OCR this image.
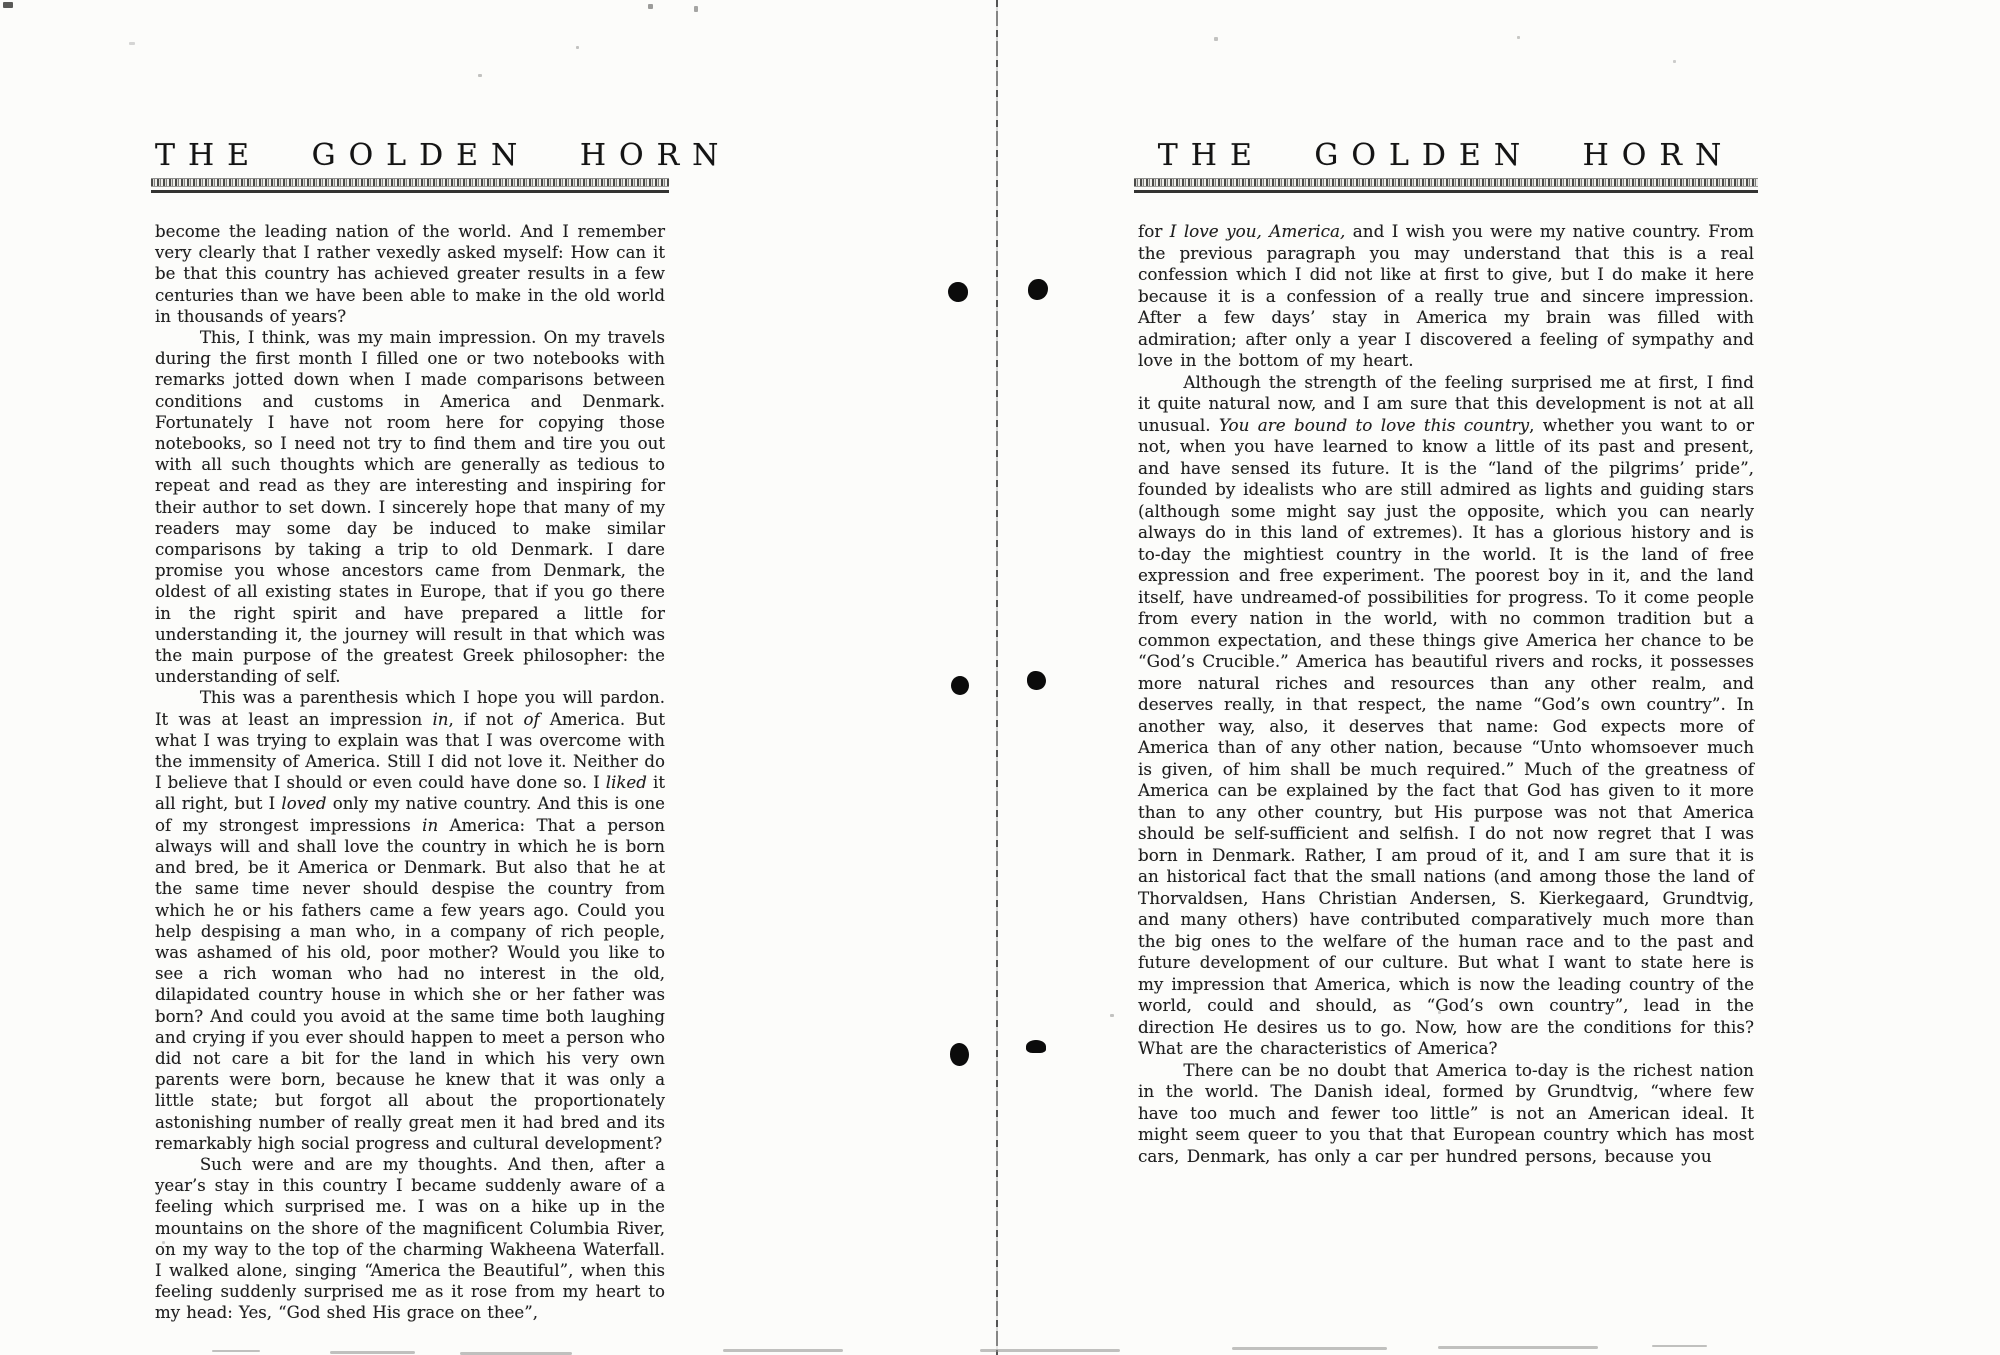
THE GOLDEN HORN

become the leading nation of the world. And I remember very clearly that I rather vexedly asked myself: How can it be that this country has achieved greater results in a few centuries than we have been able to make in the old world in thousands of years?

This, I think, was my main impression. On my travels during the first month I filled one or two notebooks with remarks jotted down when I made comparisons between conditions and customs in America and Denmark. Fortunately I have not room here for copying those notebooks, so I need not try to find them and tire you out with all such thoughts which are generally as tedious to repeat and read as they are interesting and inspiring for their author to set down. I sincerely hope that many of my readers may some day be induced to make similar comparisons by taking a trip to old Denmark. I dare promise you whose ancestors came from Denmark, the oldest of all existing states in Europe, that if you go there in the right spirit and have prepared a little for understanding it, the journey will result in that which was the main purpose of the greatest Greek philosopher: the understanding of self.

This was a parenthesis which I hope you will pardon. It was at least an impression in, if not of America. But what I was trying to explain was that I was overcome with the immensity of America. Still I did not love it. Neither do I believe that I should or even could have done so. I liked it all right, but I loved only my native country. And this is one of my strongest impressions in America: That a person always will and shall love the country in which he is born and bred, be it America or Denmark. But also that he at the same time never should despise the country from which he or his fathers came a few years ago. Could you help despising a man who, in a company of rich people, was ashamed of his old, poor mother? Would you like to see a rich woman who had no interest in the old, dilapidated country house in which she or her father was born? And could you avoid at the same time both laughing and crying if you ever should happen to meet a person who did not care a bit for the land in which his very own parents were born, because he knew that it was only a little state; but forgot all about the proportionately astonishing number of really great men it had bred and its remarkably high social progress and cultural development?

Such were and are my thoughts. And then, after a year’s stay in this country I became suddenly aware of a feeling which surprised me. I was on a hike up in the mountains on the shore of the magnificent Columbia River, on my way to the top of the charming Wakheena Waterfall. I walked alone, singing “America the Beautiful”, when this feeling suddenly surprised me as it rose from my heart to my head: Yes, “God shed His grace on thee”,

THE GOLDEN HORN

for I love you, America, and I wish you were my native country. From the previous paragraph you may understand that this is a real confession which I did not like at first to give, but I do make it here because it is a confession of a really true and sincere impression. After a few days’ stay in America my brain was filled with admiration; after only a year I discovered a feeling of sympathy and love in the bottom of my heart.

Although the strength of the feeling surprised me at first, I find it quite natural now, and I am sure that this development is not at all unusual. You are bound to love this country, whether you want to or not, when you have learned to know a little of its past and present, and have sensed its future. It is the “land of the pilgrims’ pride”, founded by idealists who are still admired as lights and guiding stars (although some might say just the opposite, which you can nearly always do in this land of extremes). It has a glorious history and is to-day the mightiest country in the world. It is the land of free expression and free experiment. The poorest boy in it, and the land itself, have undreamed-of possibilities for progress. To it come people from every nation in the world, with no common tradition but a common expectation, and these things give America her chance to be “God’s Crucible.” America has beautiful rivers and rocks, it possesses more natural riches and resources than any other realm, and deserves really, in that respect, the name “God’s own country”. In another way, also, it deserves that name: God expects more of America than of any other nation, because “Unto whomsoever much is given, of him shall be much required.” Much of the greatness of America can be explained by the fact that God has given to it more than to any other country, but His purpose was not that America should be self-sufficient and selfish. I do not now regret that I was born in Denmark. Rather, I am proud of it, and I am sure that it is an historical fact that the small nations (and among those the land of Thorvaldsen, Hans Christian Andersen, S. Kierkegaard, Grundtvig, and many others) have contributed comparatively much more than the big ones to the welfare of the human race and to the past and future development of our culture. But what I want to state here is my impression that America, which is now the leading country of the world, could and should, as “God’s own country”, lead in the direction He desires us to go. Now, how are the conditions for this? What are the characteristics of America?

There can be no doubt that America to-day is the richest nation in the world. The Danish ideal, formed by Grundtvig, “where few have too much and fewer too little” is not an American ideal. It might seem queer to you that that European country which has most cars, Denmark, has only a car per hundred persons, because you
